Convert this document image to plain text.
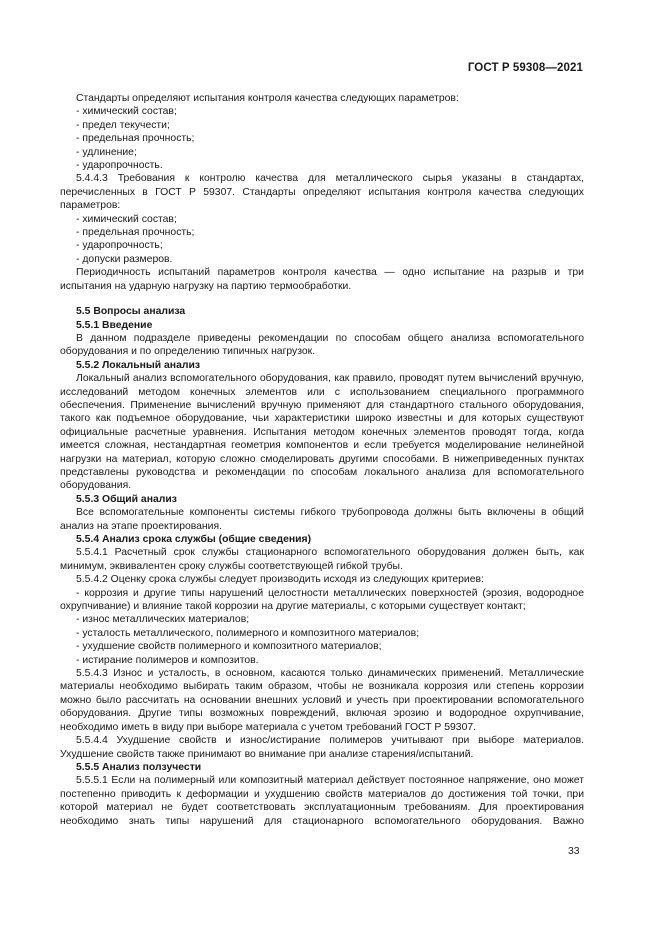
ГОСТ Р 59308—2021
Стандарты определяют испытания контроля качества следующих параметров:
- химический состав;
- предел текучести;
- предельная прочность;
- удлинение;
- ударопрочность.
5.4.4.3 Требования к контролю качества для металлического сырья указаны в стандартах, перечисленных в ГОСТ Р 59307. Стандарты определяют испытания контроля качества следующих параметров:
- химический состав;
- предельная прочность;
- ударопрочность;
- допуски размеров.
Периодичность испытаний параметров контроля качества — одно испытание на разрыв и три испытания на ударную нагрузку на партию термообработки.
5.5 Вопросы анализа
5.5.1 Введение
В данном подразделе приведены рекомендации по способам общего анализа вспомогательного оборудования и по определению типичных нагрузок.
5.5.2 Локальный анализ
Локальный анализ вспомогательного оборудования, как правило, проводят путем вычислений вручную, исследований методом конечных элементов или с использованием специального программного обеспечения. Применение вычислений вручную применяют для стандартного стального оборудования, такого как подъемное оборудование, чьи характеристики широко известны и для которых существуют официальные расчетные уравнения. Испытания методом конечных элементов проводят тогда, когда имеется сложная, нестандартная геометрия компонентов и если требуется моделирование нелинейной нагрузки на материал, которую сложно смоделировать другими способами. В нижеприведенных пунктах представлены руководства и рекомендации по способам локального анализа для вспомогательного оборудования.
5.5.3 Общий анализ
Все вспомогательные компоненты системы гибкого трубопровода должны быть включены в общий анализ на этапе проектирования.
5.5.4 Анализ срока службы (общие сведения)
5.5.4.1 Расчетный срок службы стационарного вспомогательного оборудования должен быть, как минимум, эквивалентен сроку службы соответствующей гибкой трубы.
5.5.4.2 Оценку срока службы следует производить исходя из следующих критериев:
- коррозия и другие типы нарушений целостности металлических поверхностей (эрозия, водородное охрупчивание) и влияние такой коррозии на другие материалы, с которыми существует контакт;
- износ металлических материалов;
- усталость металлического, полимерного и композитного материалов;
- ухудшение свойств полимерного и композитного материалов;
- истирание полимеров и композитов.
5.5.4.3 Износ и усталость, в основном, касаются только динамических применений. Металлические материалы необходимо выбирать таким образом, чтобы не возникала коррозия или степень коррозии можно было рассчитать на основании внешних условий и учесть при проектировании вспомогательного оборудования. Другие типы возможных повреждений, включая эрозию и водородное охрупчивание, необходимо иметь в виду при выборе материала с учетом требований ГОСТ Р 59307.
5.5.4.4 Ухудшение свойств и износ/истирание полимеров учитывают при выборе материалов. Ухудшение свойств также принимают во внимание при анализе старения/испытаний.
5.5.5 Анализ ползучести
5.5.5.1 Если на полимерный или композитный материал действует постоянное напряжение, оно может постепенно приводить к деформации и ухудшению свойств материалов до достижения той точки, при которой материал не будет соответствовать эксплуатационным требованиям. Для проектирования необходимо знать типы нарушений для стационарного вспомогательного оборудования. Важно
33
